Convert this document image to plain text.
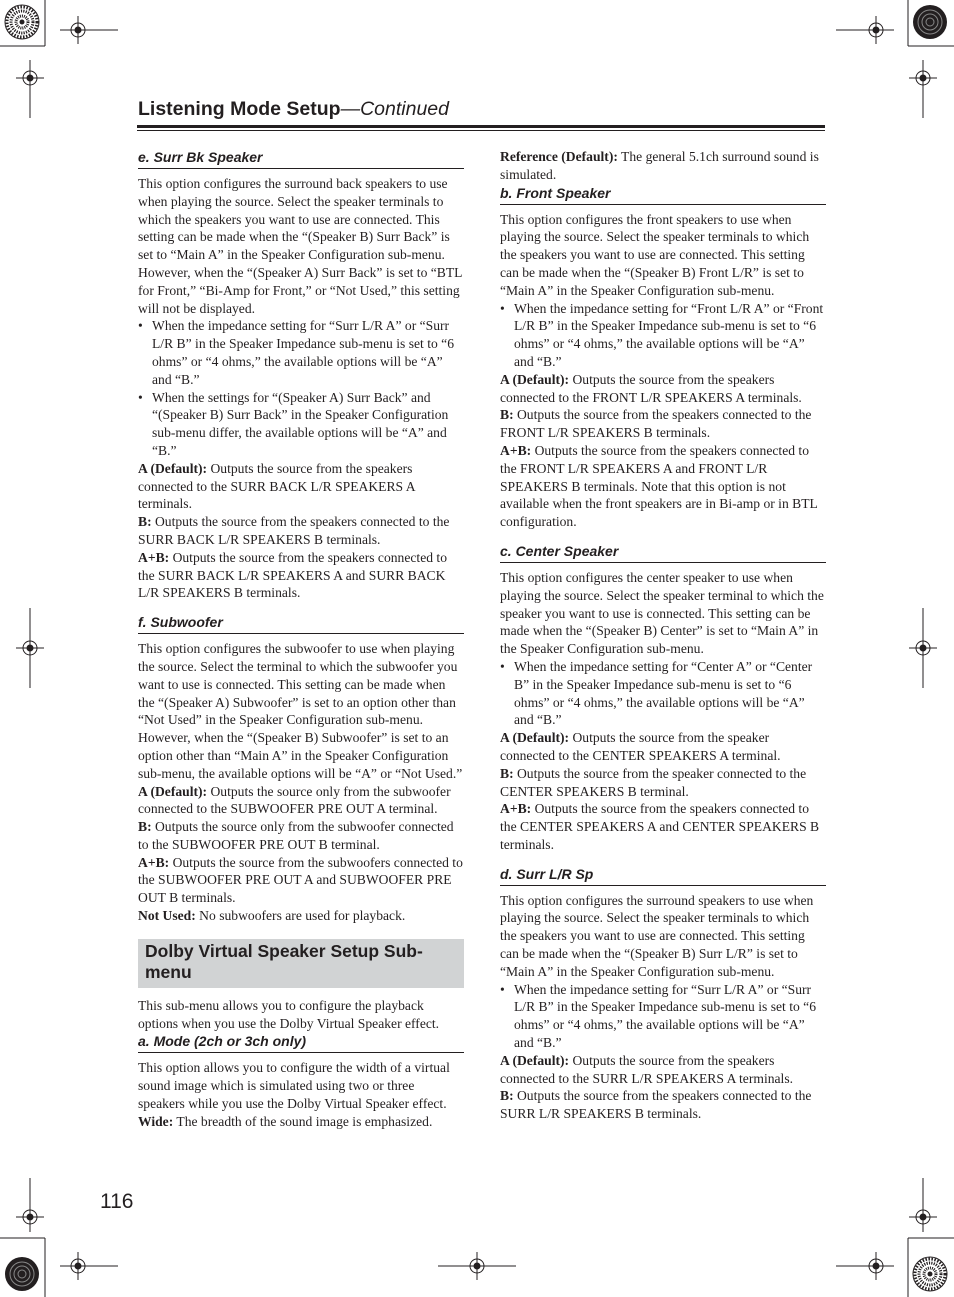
Listening Mode Setup—Continued
e. Surr Bk Speaker

This option configures the surround back speakers to use when playing the source. Select the speaker terminals to which the speakers you want to use are connected. This setting can be made when the “(Speaker B) Surr Back” is set to “Main A” in the Speaker Configuration sub-menu. However, when the “(Speaker A) Surr Back” is set to “BTL for Front,” “Bi-Amp for Front,” or “Not Used,” this setting will not be displayed.

• When the impedance setting for “Surr L/R A” or “Surr L/R B” in the Speaker Impedance sub-menu is set to “6 ohms” or “4 ohms,” the available options will be “A” and “B.”

• When the settings for “(Speaker A) Surr Back” and “(Speaker B) Surr Back” in the Speaker Configuration sub-menu differ, the available options will be “A” and “B.”

A (Default): Outputs the source from the speakers connected to the SURR BACK L/R SPEAKERS A terminals.

B: Outputs the source from the speakers connected to the SURR BACK L/R SPEAKERS B terminals.

A+B: Outputs the source from the speakers connected to the SURR BACK L/R SPEAKERS A and SURR BACK L/R SPEAKERS B terminals.

f. Subwoofer

This option configures the subwoofer to use when playing the source. Select the terminal to which the subwoofer you want to use is connected. This setting can be made when the “(Speaker A) Subwoofer” is set to an option other than “Not Used” in the Speaker Configuration sub-menu. However, when the “(Speaker B) Subwoofer” is set to an option other than “Main A” in the Speaker Configuration sub-menu, the available options will be “A” or “Not Used.”

A (Default): Outputs the source only from the subwoofer connected to the SUBWOOFER PRE OUT A terminal.

B: Outputs the source only from the subwoofer connected to the SUBWOOFER PRE OUT B terminal.

A+B: Outputs the source from the subwoofers connected to the SUBWOOFER PRE OUT A and SUBWOOFER PRE OUT B terminals.

Not Used: No subwoofers are used for playback.

Dolby Virtual Speaker Setup Sub-menu

This sub-menu allows you to configure the playback options when you use the Dolby Virtual Speaker effect.

a. Mode (2ch or 3ch only)

This option allows you to configure the width of a virtual sound image which is simulated using two or three speakers while you use the Dolby Virtual Speaker effect.

Wide: The breadth of the sound image is emphasized.

Reference (Default): The general 5.1ch surround sound is simulated.

b. Front Speaker

This option configures the front speakers to use when playing the source. Select the speaker terminals to which the speakers you want to use are connected. This setting can be made when the “(Speaker B) Front L/R” is set to “Main A” in the Speaker Configuration sub-menu.

• When the impedance setting for “Front L/R A” or “Front L/R B” in the Speaker Impedance sub-menu is set to “6 ohms” or “4 ohms,” the available options will be “A” and “B.”

A (Default): Outputs the source from the speakers connected to the FRONT L/R SPEAKERS A terminals.

B: Outputs the source from the speakers connected to the FRONT L/R SPEAKERS B terminals.

A+B: Outputs the source from the speakers connected to the FRONT L/R SPEAKERS A and FRONT L/R SPEAKERS B terminals. Note that this option is not available when the front speakers are in Bi-amp or in BTL configuration.

c. Center Speaker

This option configures the center speaker to use when playing the source. Select the speaker terminal to which the speaker you want to use is connected. This setting can be made when the “(Speaker B) Center” is set to “Main A” in the Speaker Configuration sub-menu.

• When the impedance setting for “Center A” or “Center B” in the Speaker Impedance sub-menu is set to “6 ohms” or “4 ohms,” the available options will be “A” and “B.”

A (Default): Outputs the source from the speaker connected to the CENTER SPEAKERS A terminal.

B: Outputs the source from the speaker connected to the CENTER SPEAKERS B terminal.

A+B: Outputs the source from the speakers connected to the CENTER SPEAKERS A and CENTER SPEAKERS B terminals.

d. Surr L/R Sp

This option configures the surround speakers to use when playing the source. Select the speaker terminals to which the speakers you want to use are connected. This setting can be made when the “(Speaker B) Surr L/R” is set to “Main A” in the Speaker Configuration sub-menu.

• When the impedance setting for “Surr L/R A” or “Surr L/R B” in the Speaker Impedance sub-menu is set to “6 ohms” or “4 ohms,” the available options will be “A” and “B.”

A (Default): Outputs the source from the speakers connected to the SURR L/R SPEAKERS A terminals.

B: Outputs the source from the speakers connected to the SURR L/R SPEAKERS B terminals.

116
